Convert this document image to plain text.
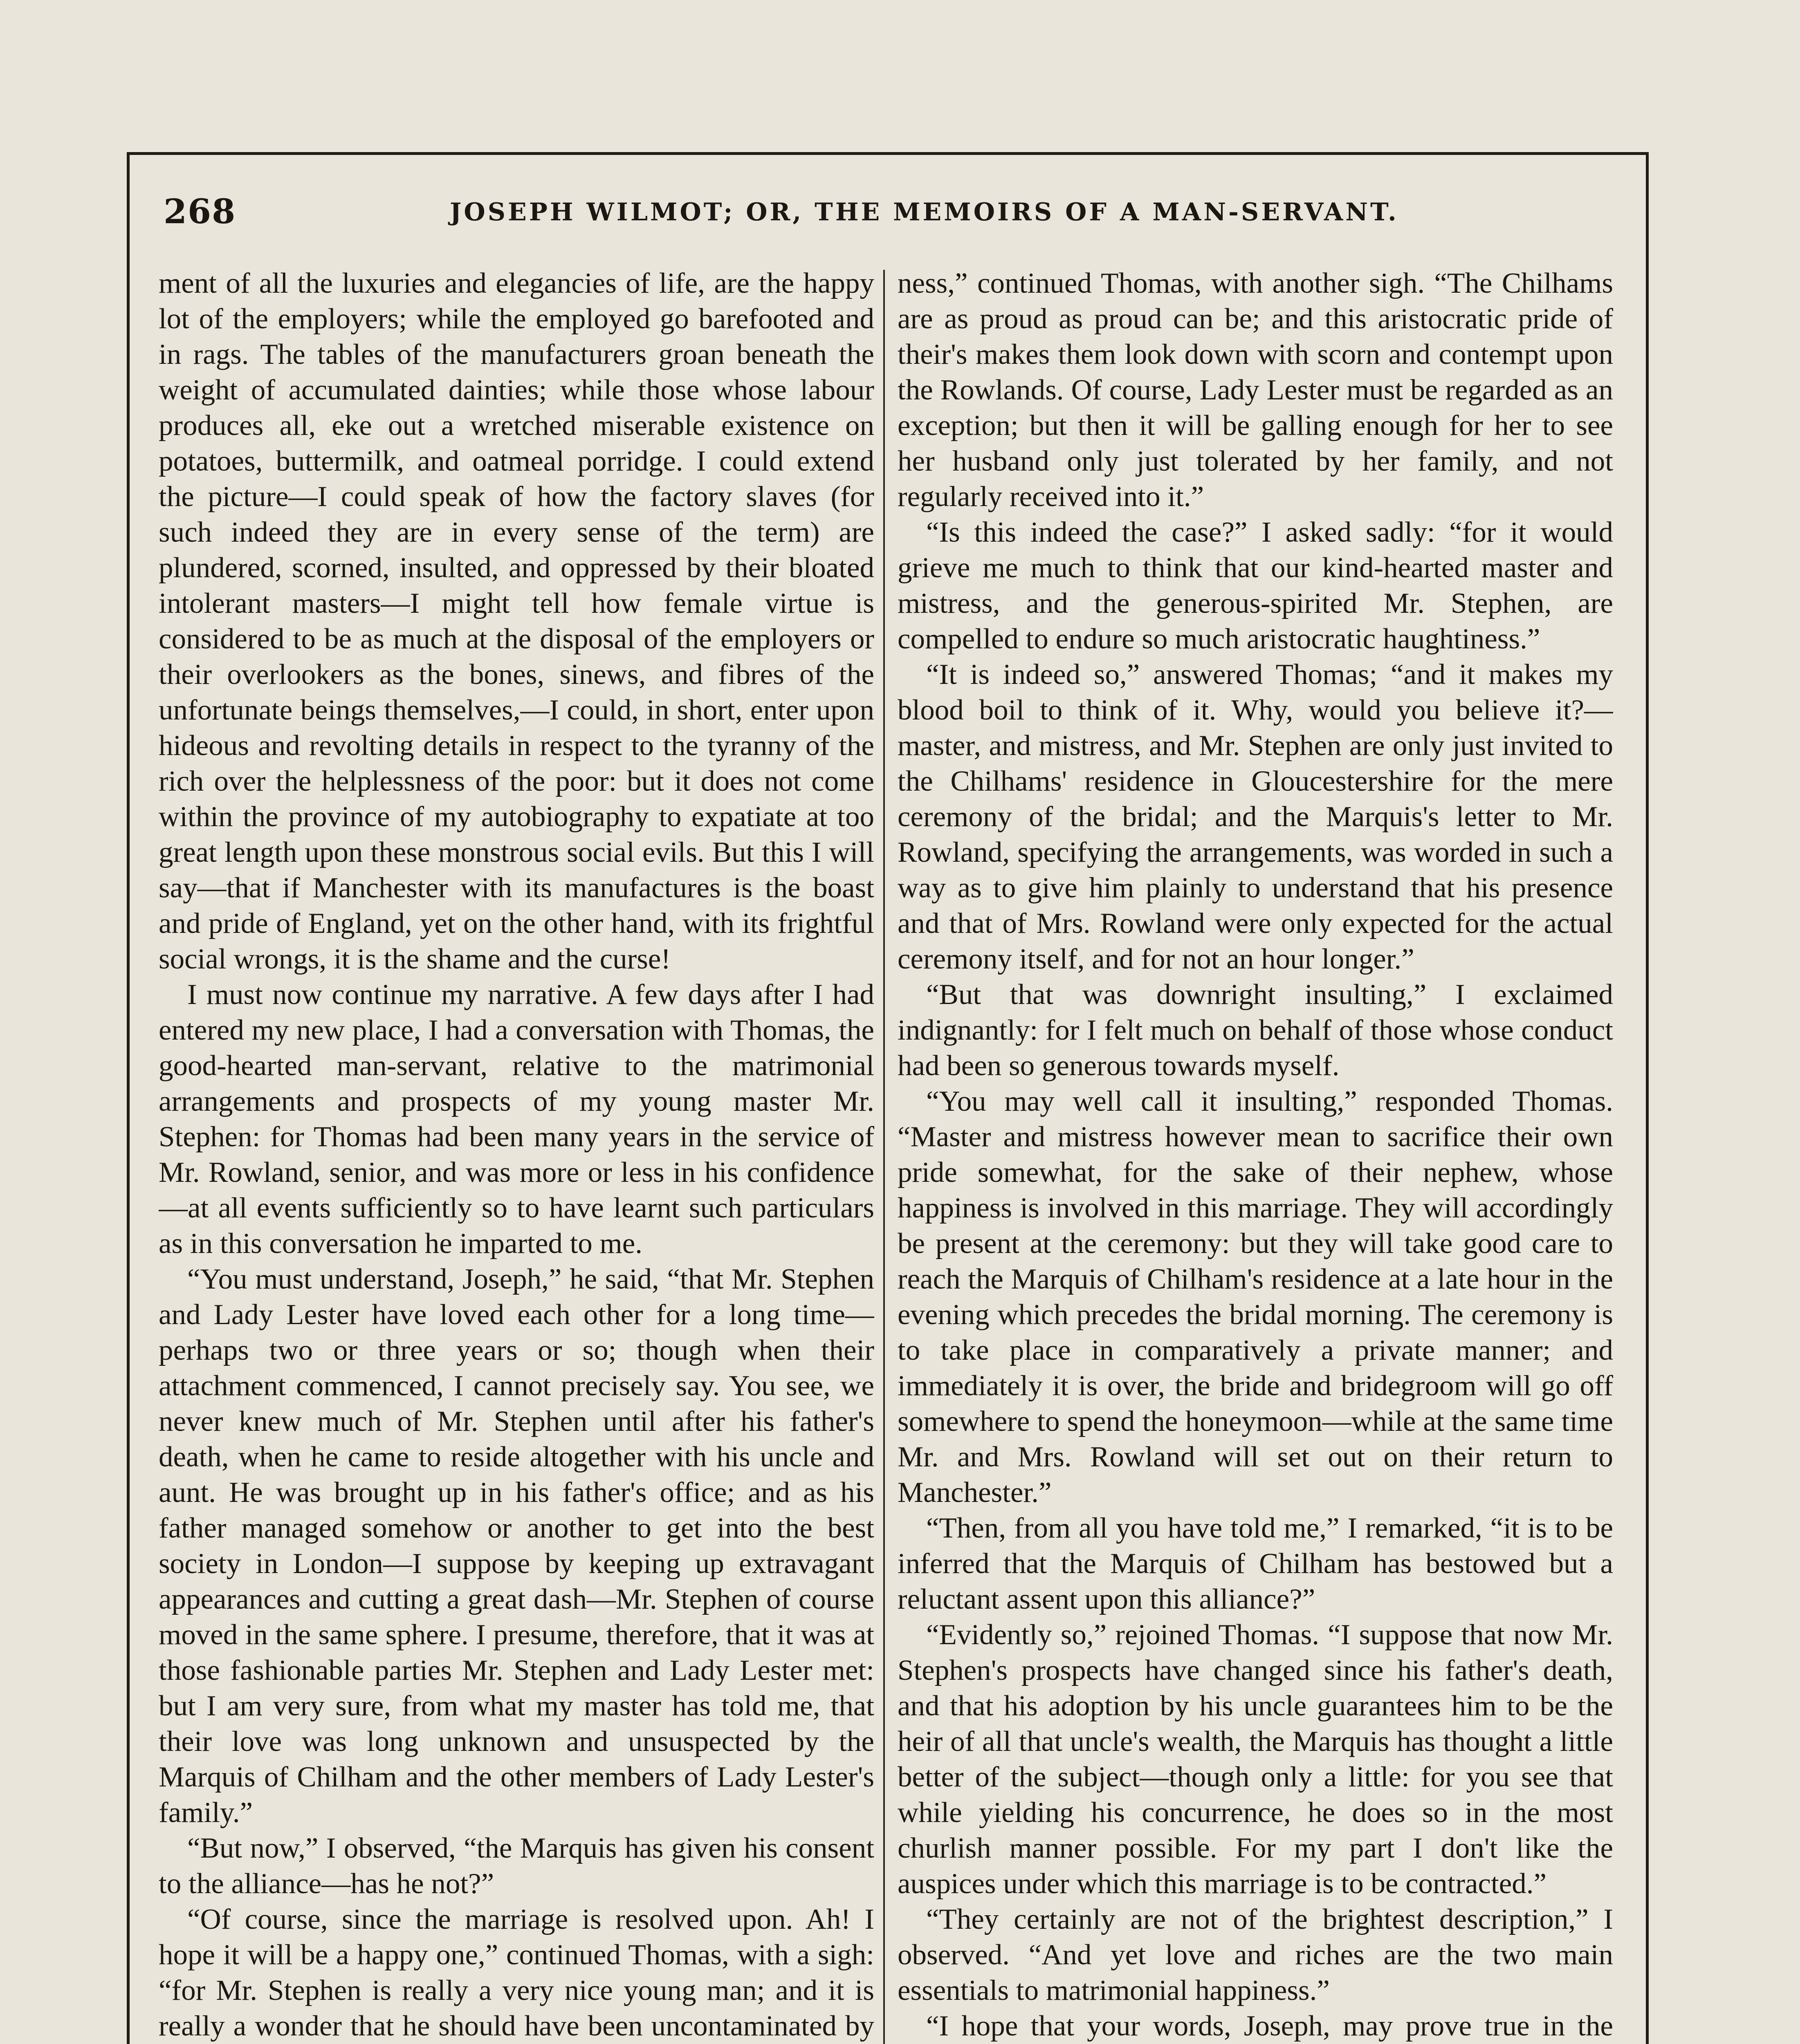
268	JOSEPH WILMOT; OR, THE MEMOIRS OF A MAN-SERVANT.

ment of all the luxuries and elegancies of life, are the happy lot of the employers; while the employed go barefooted and in rags. The tables of the manufacturers groan beneath the weight of accumulated dainties; while those whose labour produces all, eke out a wretched miserable existence on potatoes, buttermilk, and oatmeal porridge. I could extend the picture—I could speak of how the factory slaves (for such indeed they are in every sense of the term) are plundered, scorned, insulted, and oppressed by their bloated intolerant masters—I might tell how female virtue is considered to be as much at the disposal of the employers or their overlookers as the bones, sinews, and fibres of the unfortunate beings themselves,—I could, in short, enter upon hideous and revolting details in respect to the tyranny of the rich over the helplessness of the poor: but it does not come within the province of my autobiography to expatiate at too great length upon these monstrous social evils. But this I will say—that if Manchester with its manufactures is the boast and pride of England, yet on the other hand, with its frightful social wrongs, it is the shame and the curse!

I must now continue my narrative. A few days after I had entered my new place, I had a conversation with Thomas, the good-hearted man-servant, relative to the matrimonial arrangements and prospects of my young master Mr. Stephen: for Thomas had been many years in the service of Mr. Rowland, senior, and was more or less in his confidence—at all events sufficiently so to have learnt such particulars as in this conversation he imparted to me.

“You must understand, Joseph,” he said, “that Mr. Stephen and Lady Lester have loved each other for a long time—perhaps two or three years or so; though when their attachment commenced, I cannot precisely say. You see, we never knew much of Mr. Stephen until after his father's death, when he came to reside altogether with his uncle and aunt. He was brought up in his father's office; and as his father managed somehow or another to get into the best society in London—I suppose by keeping up extravagant appearances and cutting a great dash—Mr. Stephen of course moved in the same sphere. I presume, therefore, that it was at those fashionable parties Mr. Stephen and Lady Lester met: but I am very sure, from what my master has told me, that their love was long unknown and unsuspected by the Marquis of Chilham and the other members of Lady Lester's family.”

“But now,” I observed, “the Marquis has given his consent to the alliance—has he not?”

“Of course, since the marriage is resolved upon. Ah! I hope it will be a happy one,” continued Thomas, with a sigh: “for Mr. Stephen is really a very nice young man; and it is really a wonder that he should have been uncontaminated by

ness,” continued Thomas, with another sigh. “The Chilhams are as proud as proud can be; and this aristocratic pride of their's makes them look down with scorn and contempt upon the Rowlands. Of course, Lady Lester must be regarded as an exception; but then it will be galling enough for her to see her husband only just tolerated by her family, and not regularly received into it.”

“Is this indeed the case?” I asked sadly: “for it would grieve me much to think that our kind-hearted master and mistress, and the generous-spirited Mr. Stephen, are compelled to endure so much aristocratic haughtiness.”

“It is indeed so,” answered Thomas; “and it makes my blood boil to think of it. Why, would you believe it?—master, and mistress, and Mr. Stephen are only just invited to the Chilhams' residence in Gloucestershire for the mere ceremony of the bridal; and the Marquis's letter to Mr. Rowland, specifying the arrangements, was worded in such a way as to give him plainly to understand that his presence and that of Mrs. Rowland were only expected for the actual ceremony itself, and for not an hour longer.”

“But that was downright insulting,” I exclaimed indignantly: for I felt much on behalf of those whose conduct had been so generous towards myself.

“You may well call it insulting,” responded Thomas. “Master and mistress however mean to sacrifice their own pride somewhat, for the sake of their nephew, whose happiness is involved in this marriage. They will accordingly be present at the ceremony: but they will take good care to reach the Marquis of Chilham's residence at a late hour in the evening which precedes the bridal morning. The ceremony is to take place in comparatively a private manner; and immediately it is over, the bride and bridegroom will go off somewhere to spend the honeymoon—while at the same time Mr. and Mrs. Rowland will set out on their return to Manchester.”

“Then, from all you have told me,” I remarked, “it is to be inferred that the Marquis of Chilham has bestowed but a reluctant assent upon this alliance?”

“Evidently so,” rejoined Thomas. “I suppose that now Mr. Stephen's prospects have changed since his father's death, and that his adoption by his uncle guarantees him to be the heir of all that uncle's wealth, the Marquis has thought a little better of the subject—though only a little: for you see that while yielding his concurrence, he does so in the most churlish manner possible. For my part I don't like the auspices under which this marriage is to be contracted.”

“They certainly are not of the brightest description,” I observed. “And yet love and riches are the two main essentials to matrimonial happiness.”

“I hope that your words, Joseph, may prove true in the
